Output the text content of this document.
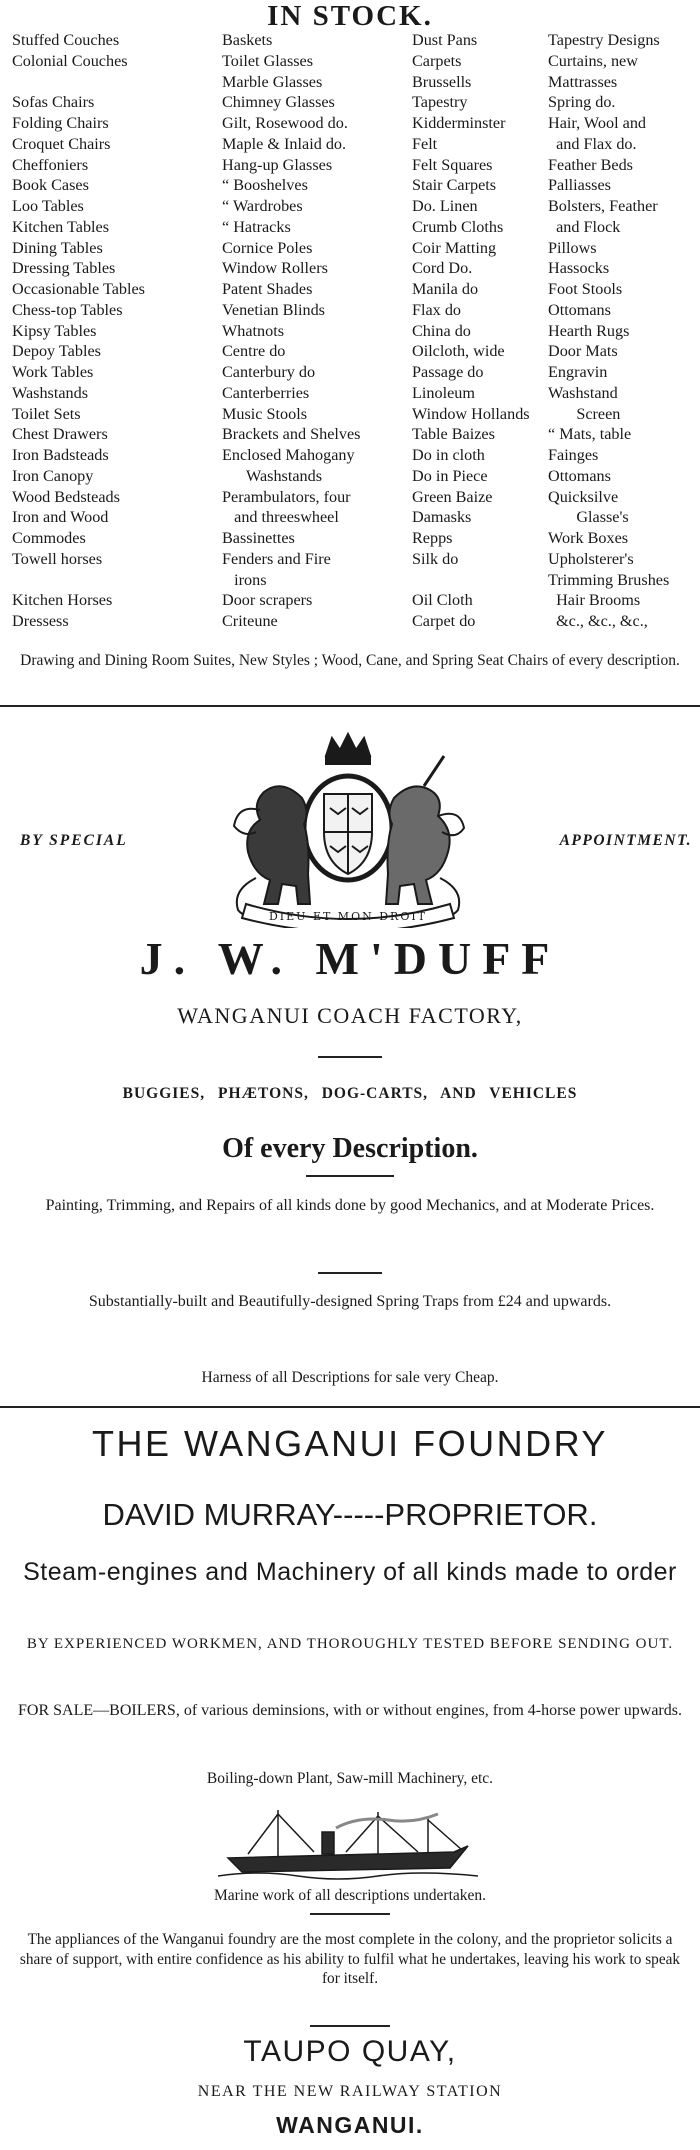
IN STOCK.
Stuffed Couches
Colonial Couches

Sofas Chairs
Folding Chairs
Croquet Chairs
Cheffoniers
Book Cases
Loo Tables
Kitchen Tables
Dining Tables
Dressing Tables
Occasionable Tables
Chess-top Tables
Kipsy Tables
Depoy Tables
Work Tables
Washstands
Toilet Sets
Chest Drawers
Iron Badsteads
Iron Canopy
Wood Bedsteads
Iron and Wood
Commodes
Towell horses

Kitchen Horses
Dressess
Baskets
Toilet Glasses
Marble Glasses
Chimney Glasses
Gilt, Rosewood do.
Maple & Inlaid do.
Hang-up Glasses
“ Booshelves
“ Wardrobes
“ Hatracks
Cornice Poles
Window Rollers
Patent Shades
Venetian Blinds
Whatnots
Centre do
Canterbury do
Canterberries
Music Stools
Brackets and Shelves
Enclosed Mahogany
Washstands
Perambulators, four
and threeswheel
Bassinettes
Fenders and Fire
irons
Door scrapers
Criteune
Dust Pans
Carpets
Brussells
Tapestry
Kidderminster
Felt
Felt Squares
Stair Carpets
Do. Linen
Crumb Cloths
Coir Matting
Cord Do.
Manila do
Flax do
China do
Oilcloth, wide
Passage do
Linoleum
Window Hollands
Table Baizes
Do in cloth
Do in Piece
Green Baize
Damasks
Repps
Silk do

Oil Cloth
Carpet do
Tapestry Designs
Curtains, new
Mattrasses
Spring do.
Hair, Wool and
and Flax do.
Feather Beds
Palliasses
Bolsters, Feather
and Flock
Pillows
Hassocks
Foot Stools
Ottomans
Hearth Rugs
Door Mats
Engravin
Washstand
Screen
“ Mats, table
Fainges
Ottomans
Quicksilve
Glasse's
Work Boxes
Upholsterer's
Trimming Brushes
Hair Brooms
&c., &c., &c.,
Drawing and Dining Room Suites, New Styles ; Wood, Cane, and Spring Seat Chairs of every description.
DIEU ET MON DROIT
BY SPECIAL	APPOINTMENT.
J. W. M'DUFF
WANGANUI COACH FACTORY,
BUGGIES, PHÆTONS, DOG-CARTS, AND VEHICLES
Of every Description.
Painting, Trimming, and Repairs of all kinds done by good Mechanics, and at Moderate Prices.
Substantially-built and Beautifully-designed Spring Traps from £24 and upwards.
Harness of all Descriptions for sale very Cheap.
THE WANGANUI FOUNDRY
DAVID MURRAY-----PROPRIETOR.
Steam-engines and Machinery of all kinds made to order
BY EXPERIENCED WORKMEN, AND THOROUGHLY TESTED BEFORE SENDING OUT.
FOR SALE—BOILERS, of various deminsions, with or without engines, from 4-horse power upwards.
Boiling-down Plant, Saw-mill Machinery, etc.
Marine work of all descriptions undertaken.
The appliances of the Wanganui foundry are the most complete in the colony, and the proprietor solicits a share of support, with entire confidence as his ability to fulfil what he undertakes, leaving his work to speak for itself.
TAUPO QUAY,
NEAR THE NEW RAILWAY STATION
WANGANUI.
